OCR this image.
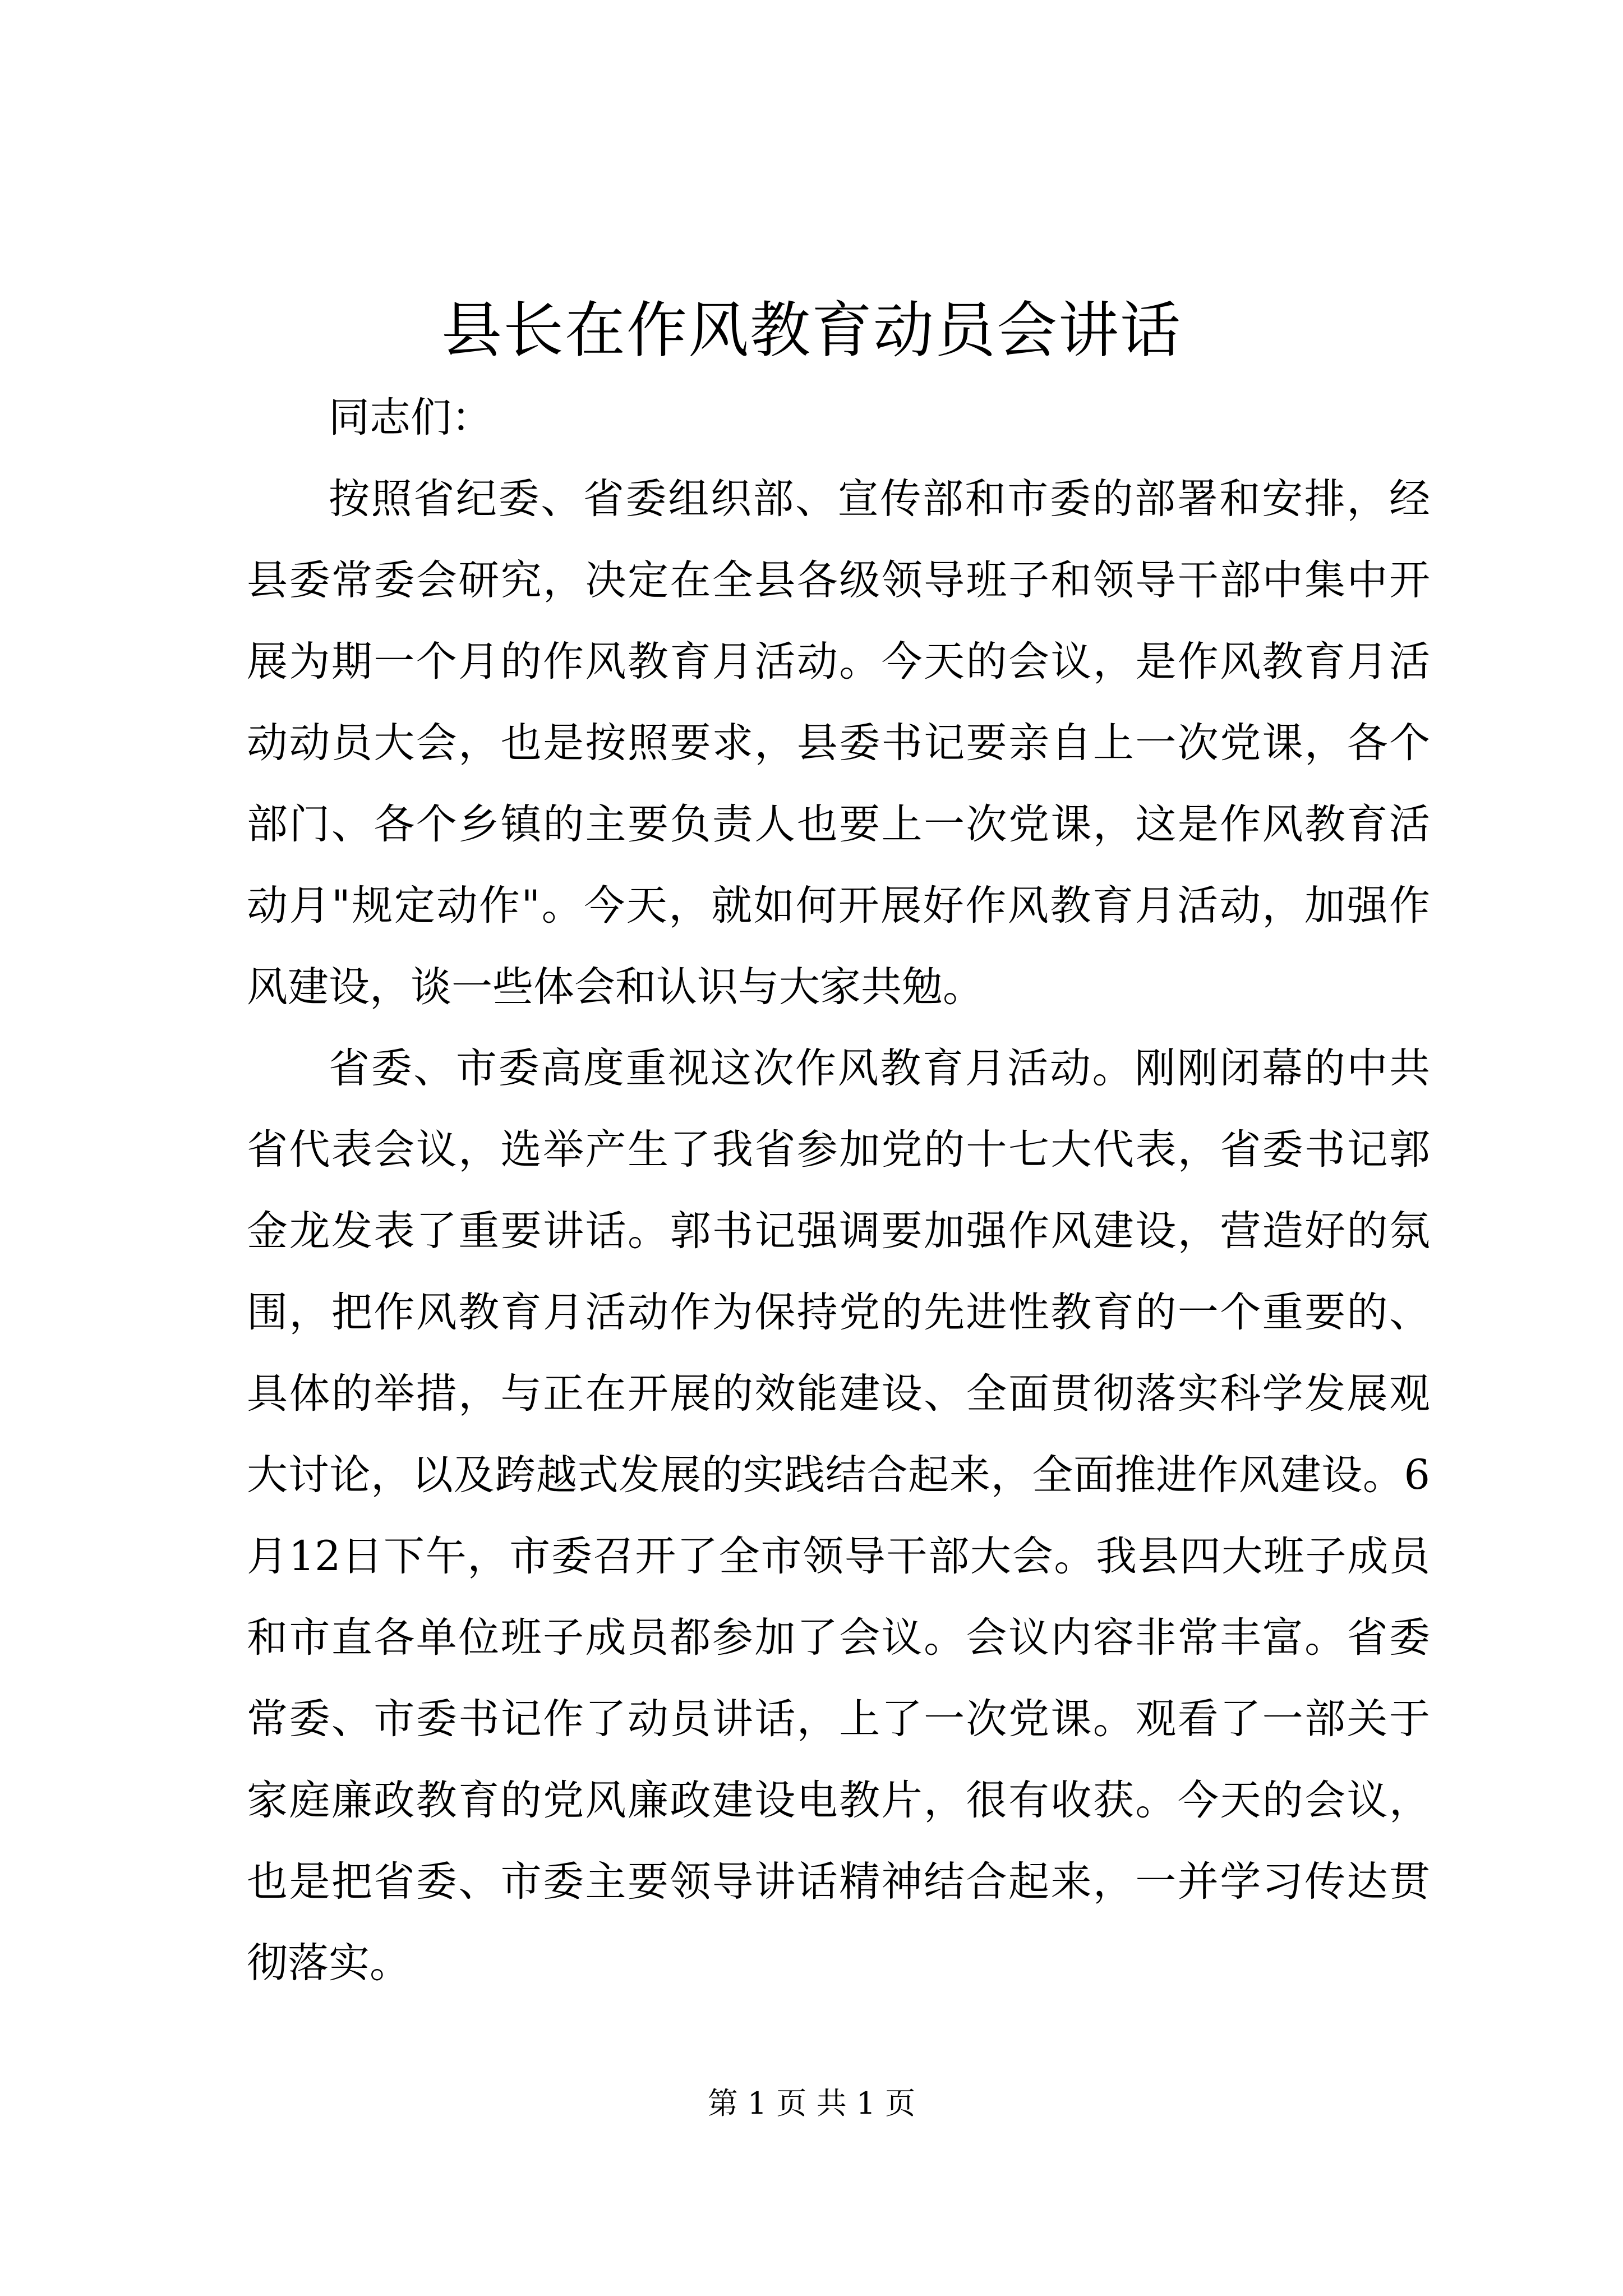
县长在作风教育动员会讲话

同志们：

按照省纪委、省委组织部、宣传部和市委的部署和安排，经县委常委会研究，决定在全县各级领导班子和领导干部中集中开展为期一个月的作风教育月活动。今天的会议，是作风教育月活动动员大会，也是按照要求，县委书记要亲自上一次党课，各个部门、各个乡镇的主要负责人也要上一次党课，这是作风教育活动月"规定动作"。今天，就如何开展好作风教育月活动，加强作风建设，谈一些体会和认识与大家共勉。

省委、市委高度重视这次作风教育月活动。刚刚闭幕的中共省代表会议，选举产生了我省参加党的十七大代表，省委书记郭金龙发表了重要讲话。郭书记强调要加强作风建设，营造好的氛围，把作风教育月活动作为保持党的先进性教育的一个重要的、具体的举措，与正在开展的效能建设、全面贯彻落实科学发展观大讨论，以及跨越式发展的实践结合起来，全面推进作风建设。6月12日下午，市委召开了全市领导干部大会。我县四大班子成员和市直各单位班子成员都参加了会议。会议内容非常丰富。省委常委、市委书记作了动员讲话，上了一次党课。观看了一部关于家庭廉政教育的党风廉政建设电教片，很有收获。今天的会议，也是把省委、市委主要领导讲话精神结合起来，一并学习传达贯彻落实。

第 1 页 共 1 页
